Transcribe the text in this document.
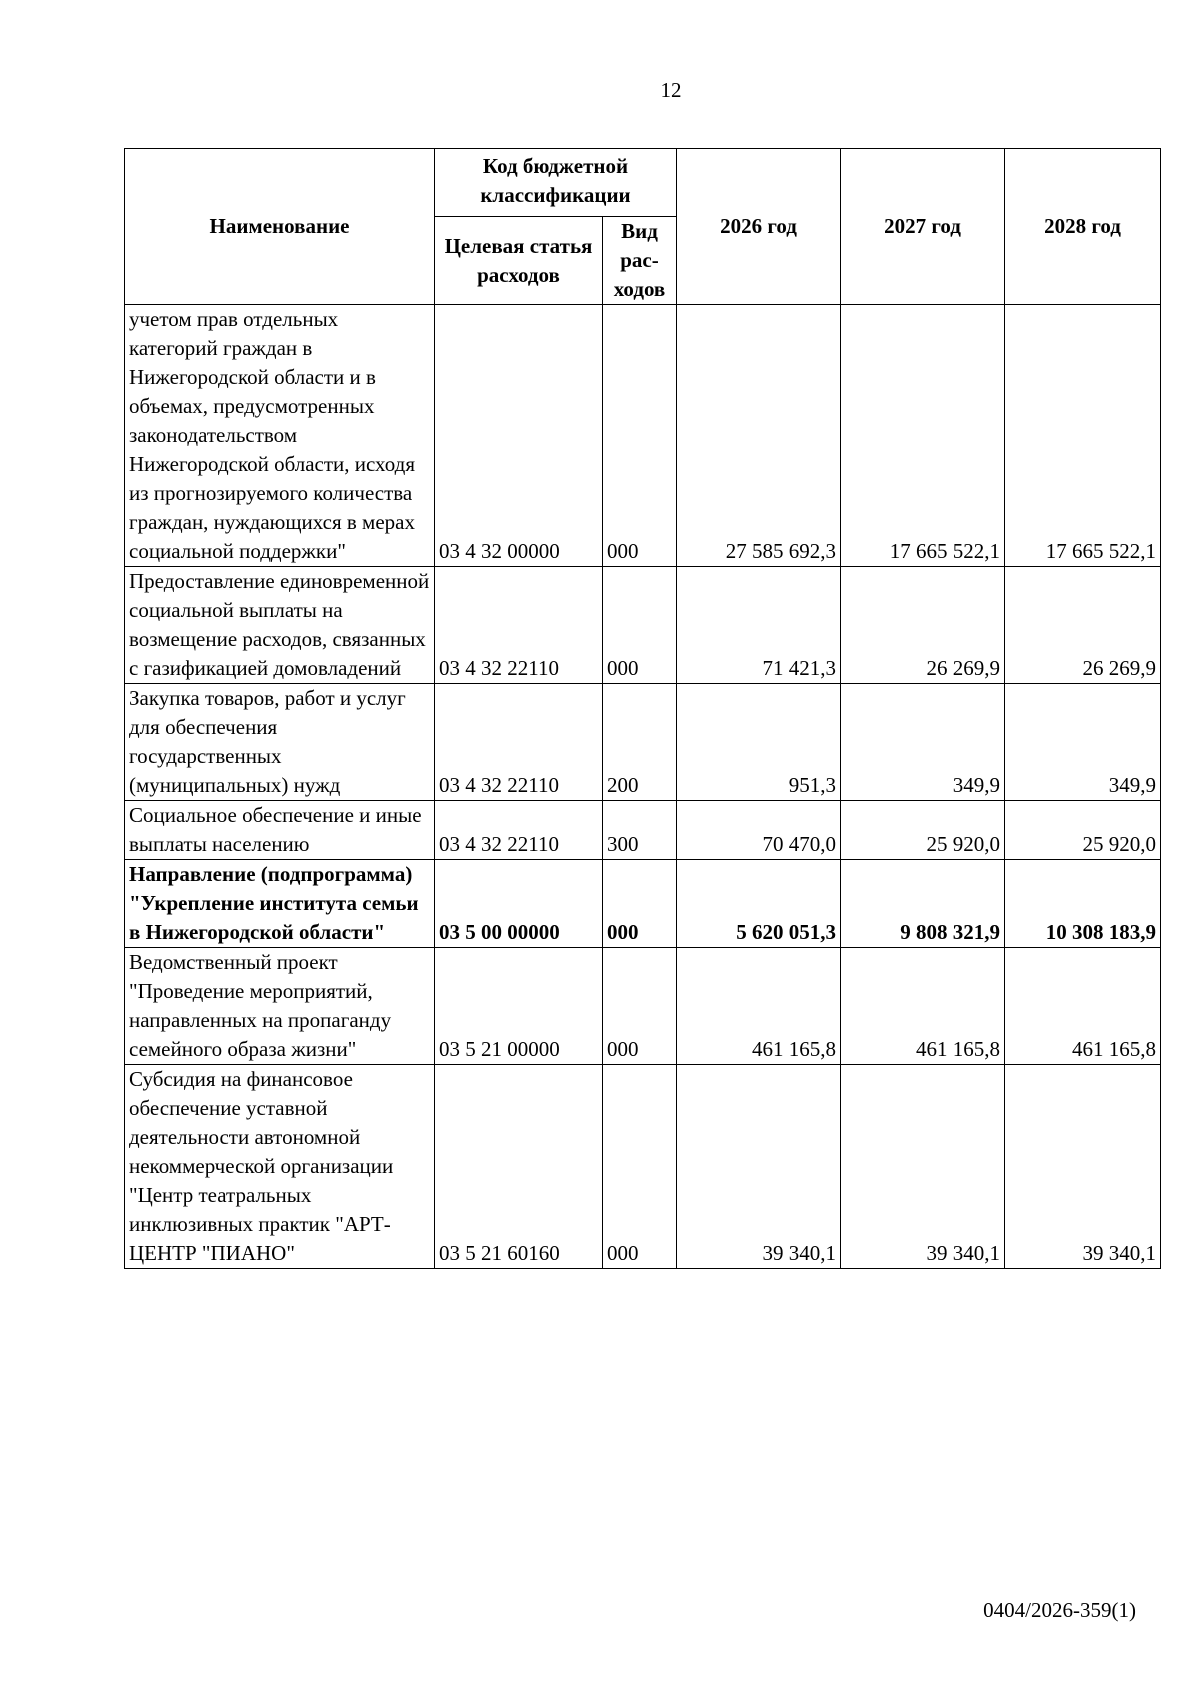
12
Наименование	Код бюджетной классификации		2026 год	2027 год	2028 год
	Целевая статья расходов	Вид рас-ходов			
учетом прав отдельных категорий граждан в Нижегородской области и в объемах, предусмотренных законодательством Нижегородской области, исходя из прогнозируемого количества граждан, нуждающихся в мерах социальной поддержки"	03 4 32 00000	000	27 585 692,3	17 665 522,1	17 665 522,1
Предоставление единовременной социальной выплаты на возмещение расходов, связанных с газификацией домовладений	03 4 32 22110	000	71 421,3	26 269,9	26 269,9
Закупка товаров, работ и услуг для обеспечения государственных (муниципальных) нужд	03 4 32 22110	200	951,3	349,9	349,9
Социальное обеспечение и иные выплаты населению	03 4 32 22110	300	70 470,0	25 920,0	25 920,0
Направление (подпрограмма) "Укрепление института семьи в Нижегородской области"	03 5 00 00000	000	5 620 051,3	9 808 321,9	10 308 183,9
Ведомственный проект "Проведение мероприятий, направленных на пропаганду семейного образа жизни"	03 5 21 00000	000	461 165,8	461 165,8	461 165,8
Субсидия на финансовое обеспечение уставной деятельности автономной некоммерческой организации "Центр театральных инклюзивных практик "АРТ-ЦЕНТР "ПИАНО"	03 5 21 60160	000	39 340,1	39 340,1	39 340,1
0404/2026-359(1)
